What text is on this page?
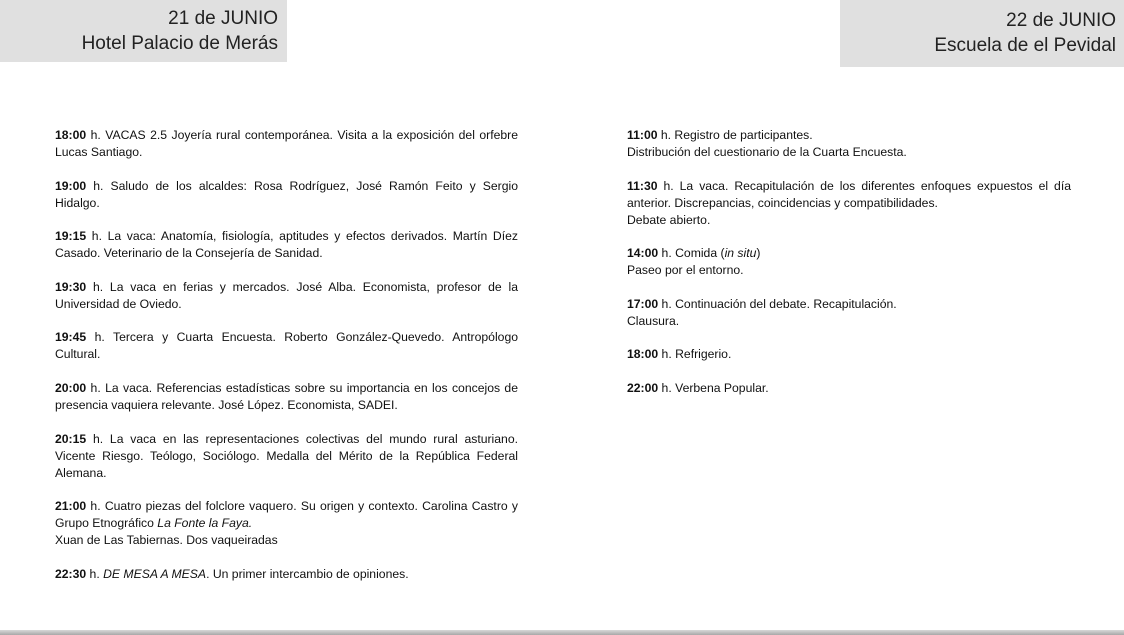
21 de JUNIO
Hotel Palacio de Merás
22 de JUNIO
Escuela de el Pevidal
18:00 h. VACAS 2.5 Joyería rural contemporánea. Visita a la exposición del orfebre Lucas Santiago.
19:00 h. Saludo de los alcaldes: Rosa Rodríguez, José Ramón Feito y Sergio Hidalgo.
19:15 h. La vaca: Anatomía, fisiología, aptitudes y efectos derivados. Martín Díez Casado. Veterinario de la Consejería de Sanidad.
19:30 h. La vaca en ferias y mercados. José Alba. Economista, profesor de la Universidad de Oviedo.
19:45 h. Tercera y Cuarta Encuesta. Roberto González-Quevedo. Antropólogo Cultural.
20:00 h. La vaca. Referencias estadísticas sobre su importancia en los concejos de presencia vaquiera relevante. José López. Economista, SADEI.
20:15 h. La vaca en las representaciones colectivas del mundo rural asturiano. Vicente Riesgo. Teólogo, Sociólogo. Medalla del Mérito de la República Federal Alemana.
21:00 h. Cuatro piezas del folclore vaquero. Su origen y contexto. Carolina Castro y Grupo Etnográfico La Fonte la Faya.
Xuan de Las Tabiernas. Dos vaqueiradas
22:30 h. DE MESA A MESA. Un primer intercambio de opiniones.
11:00 h. Registro de participantes.
Distribución del cuestionario de la Cuarta Encuesta.
11:30 h. La vaca. Recapitulación de los diferentes enfoques expuestos el día anterior. Discrepancias, coincidencias y compatibilidades.
Debate abierto.
14:00 h. Comida (in situ)
Paseo por el entorno.
17:00 h. Continuación del debate. Recapitulación.
Clausura.
18:00 h. Refrigerio.
22:00 h. Verbena Popular.
